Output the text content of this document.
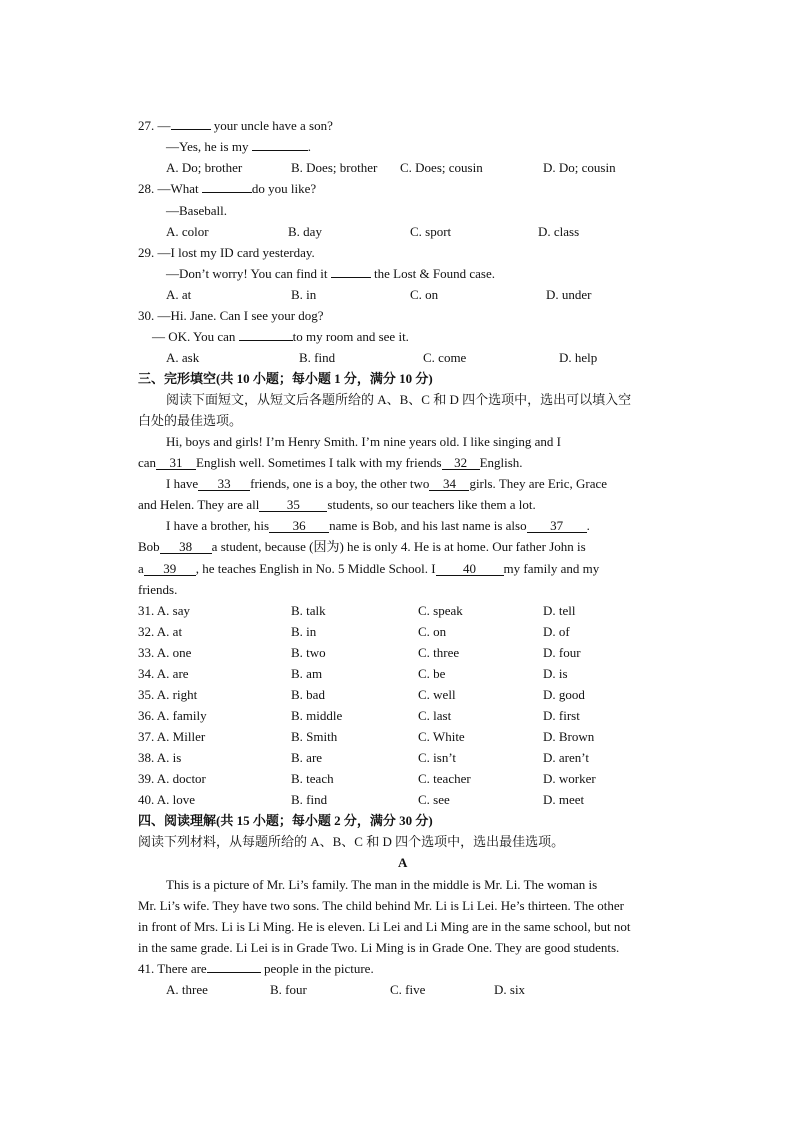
27. —	your uncle have a son?
—Yes, he is my	.
A. Do; brother	B. Does; brother C. Does; cousin	D. Do; cousin
28. —What	do you like?
—Baseball.
A. color	B. day	C. sport	D. class
29. —I lost my ID card yesterday.
—Don’t worry! You can find it	the Lost & Found case.
A. at	B. in	C. on	D. under
30. —Hi. Jane. Can I see your dog?
— OK. You can	to my room and see it.
A. ask	B. find	C. come	D. help
三、完形填空(共 10 小题；每小题 1 分，满分 10 分)
阅读下面短文，从短文后各题所给的 A、B、C 和 D 四个选项中，选出可以填入空
白处的最佳选项。
Hi, boys and girls! I’m Henry Smith. I’m nine years old. I like singing and I
can 31 English well. Sometimes I talk with my friends 32 English.
I have 33 friends, one is a boy, the other two 34 girls. They are Eric, Grace
and Helen. They are all 35 students, so our teachers like them a lot.
I have a brother, his 36 name is Bob, and his last name is also 37 .
Bob 38 a student, because (因为) he is only 4. He is at home. Our father John is
a 39 , he teaches English in No. 5 Middle School. I 40 my family and my
friends.
31. A. say	B. talk	C. speak	D. tell
32. A. at	B. in	C. on	D. of
33. A. one	B. two	C. three	D. four
34. A. are	B. am	C. be	D. is
35. A. right	B. bad	C. well	D. good
36. A. family	B. middle	C. last	D. first
37. A. Miller	B. Smith	C. White	D. Brown
38. A. is	B. are	C. isn’t	D. aren’t
39. A. doctor	B. teach	C. teacher	D. worker
40. A. love	B. find	C. see	D. meet
四、阅读理解(共 15 小题；每小题 2 分，满分 30 分)
阅读下列材料，从每题所给的 A、B、C 和 D 四个选项中，选出最佳选项。
A
This is a picture of Mr. Li’s family. The man in the middle is Mr. Li. The woman is
Mr. Li’s wife. They have two sons. The child behind Mr. Li is Li Lei. He’s thirteen. The other
in front of Mrs. Li is Li Ming. He is eleven. Li Lei and Li Ming are in the same school, but not
in the same grade. Li Lei is in Grade Two. Li Ming is in Grade One. They are good students.
41. There are	people in the picture.
A. three	B. four	C. five	D. six
